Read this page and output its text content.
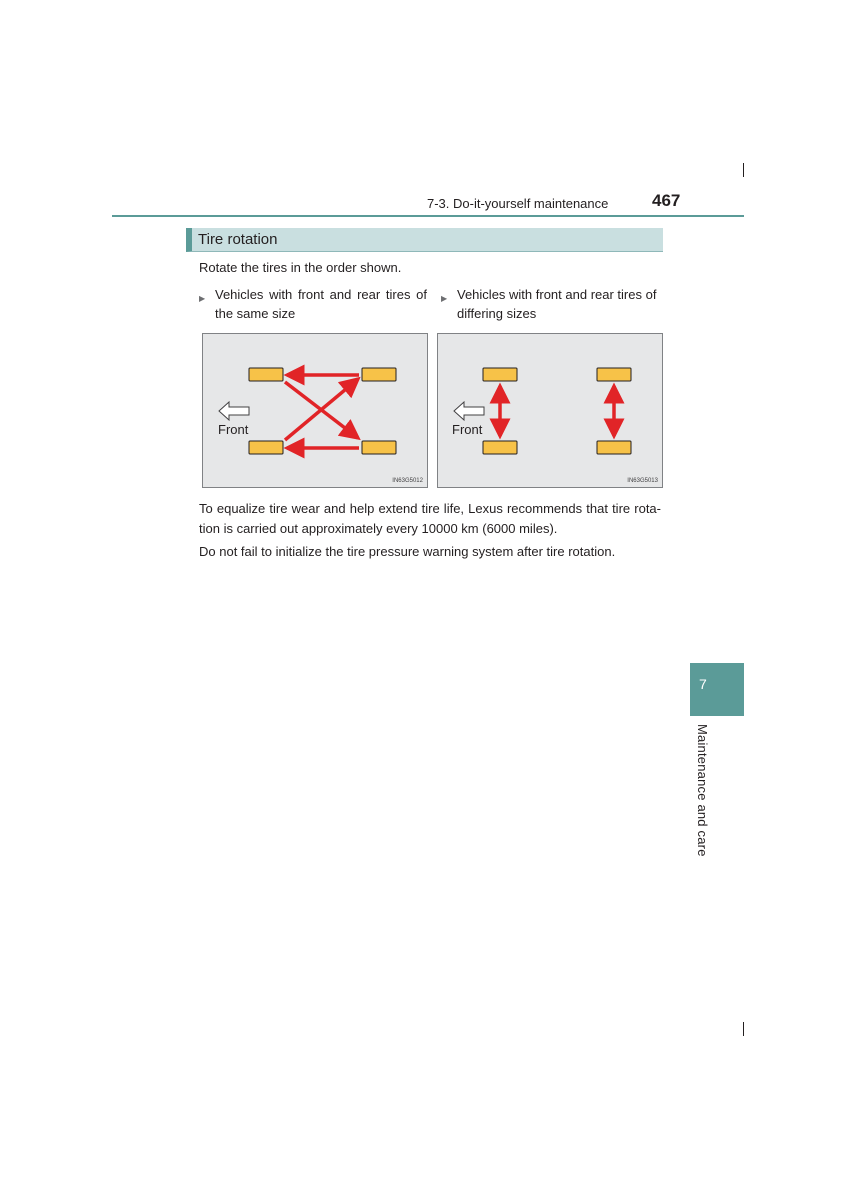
7-3. Do-it-yourself maintenance	467
7
Maintenance and care
Tire rotation
Rotate the tires in the order shown.
▶ Vehicles with front and rear tires of
the same size
▶ Vehicles with front and rear tires of
differing sizes
Front
IN63G5012
Front
IN63G5013
To equalize tire wear and help extend tire life, Lexus recommends that tire rota-
tion is carried out approximately every 10000 km (6000 miles).
Do not fail to initialize the tire pressure warning system after tire rotation.
